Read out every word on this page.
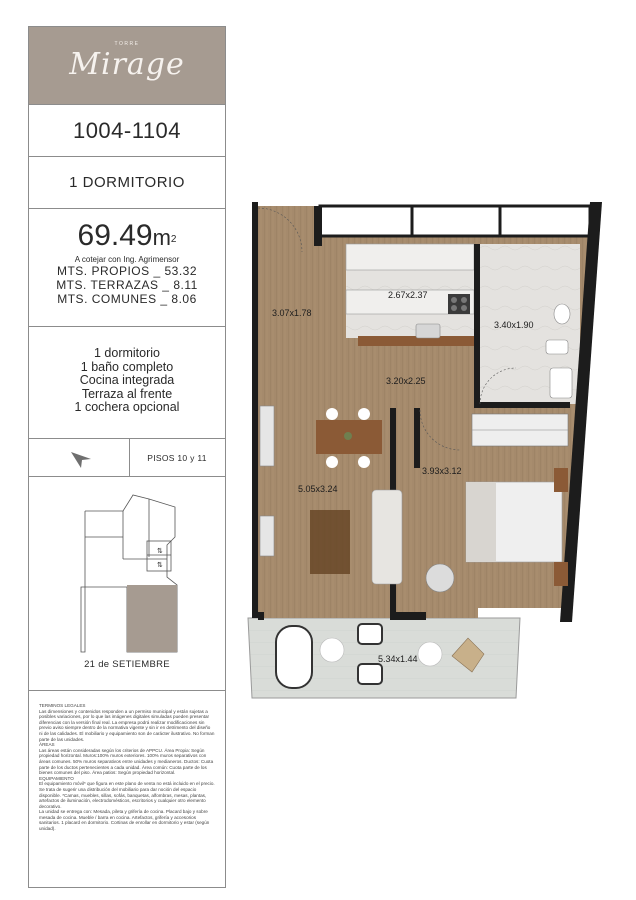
TORRE
Mirage
1004-1104
1 DORMITORIO
$69.49m^2$
A cotejar con Ing. Agrimensor
MTS. PROPIOS _ 53.32
MTS. TERRAZAS _ 8.11
MTS. COMUNES _ 8.06
1 dormitorio
1 baño completo
Cocina integrada
Terraza al frente
1 cochera opcional
PISOS 10 y 11
⇅
⇅
21 de SETIEMBRE
TERMINOS LEGALES

Las dimensiones y contenidos responden a un permiso municipal y están sujetas a posibles variaciones, por lo que las imágenes digitales simuladas pueden presentar diferencias con la versión final real. La empresa podrá realizar modificaciones sin previo aviso siempre dentro de la normativa vigente y sin ir en detrimento del diseño ni de las calidades. El mobiliario y equipamiento son de carácter ilustrativo. No forman parte de las unidades.

ÁREAS

Las áreas están consideradas según los criterios de APPCU. Área Propia: Según propiedad horizontal. Muros:100% muros exteriores. 100% muros separativos con áreas comunes. 50% muros separativos entre unidades y medianeros. Ductos: Cuota parte de los ductos pertenecientes a cada unidad. Área común: Cuota parte de los bienes comunes del piso. Área patios: Según propiedad horizontal.

EQUIPAMIENTO

El equipamiento móvil* que figura en este plano de venta no está incluido en el precio. Se trata de sugerir una distribución del mobiliario para dar noción del espacio disponible. *Camas, muebles, sillas, sofás, banquetas, alfombras, mesas, plantas, artefactos de iluminación, electrodomésticos, escritorios y cualquier otro elemento decorativo.

La unidad se entrega con: Mesada, pileta y grifería de cocina. Placard bajo y sobre mesada de cocina. Mueble / barra en cocina. Artefactos, grifería y accesorios sanitarios. 1 placard en dormitorio. Cortinas de enrollar en dormitorio y estar (según unidad).

2.67x2.37
3.07x1.78
3.40x1.90
3.20x2.25
5.05x3.24
3.93x3.12
5.34x1.44
